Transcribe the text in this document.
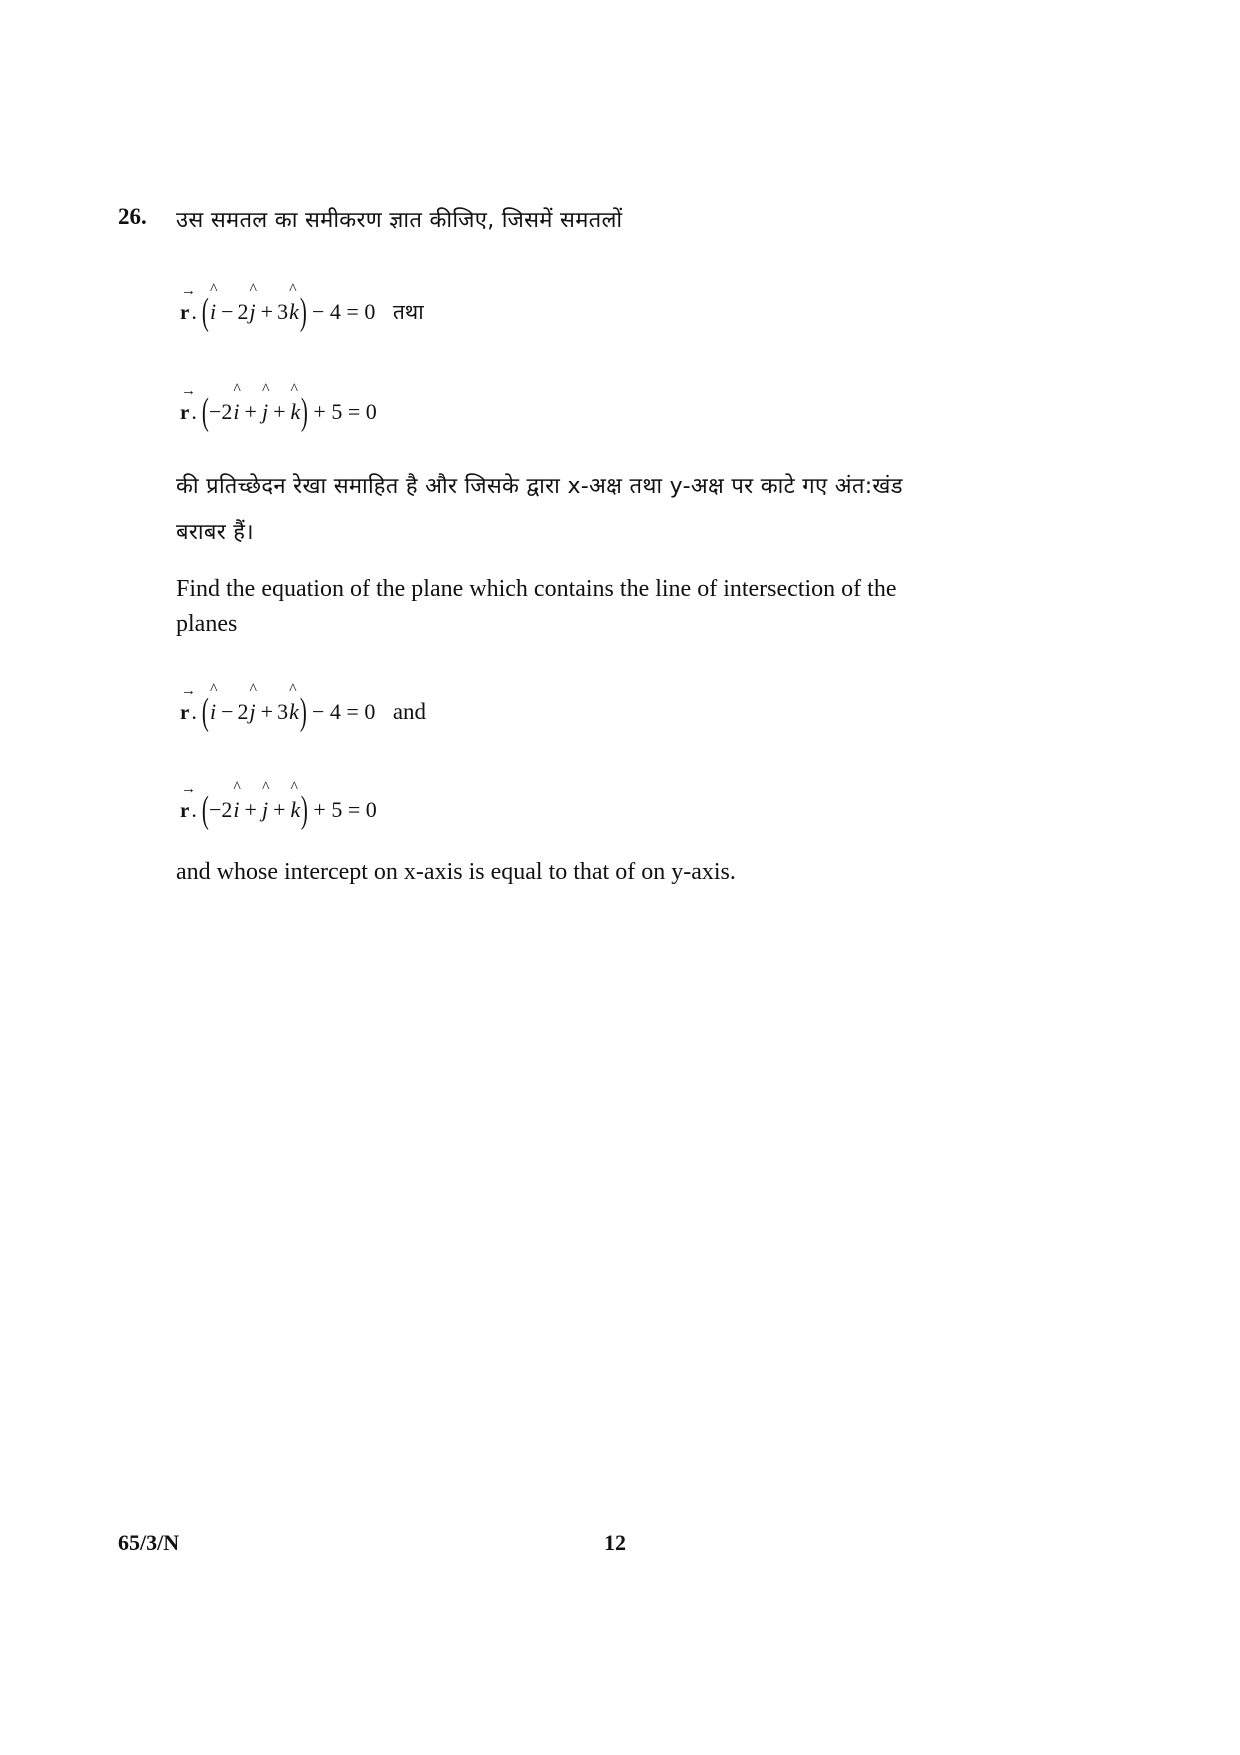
26. उस समतल का समीकरण ज्ञात कीजिए, जिसमें समतलों
→ r. (^ i − 2^ j + 3^ k) − 4 = 0 तथा
→ r. (−2^ i + ^ j + ^ k) + 5 = 0
की प्रतिच्छेदन रेखा समाहित है और जिसके द्वारा x-अक्ष तथा y-अक्ष पर काटे गए अंत:खंड
बराबर हैं।
Find the equation of the plane which contains the line of intersection of the
planes
→ r. (^ i − 2^ j + 3^ k) − 4 = 0 and
→ r. (−2^ i + ^ j + ^ k) + 5 = 0
and whose intercept on x-axis is equal to that of on y-axis.
65/3/N	12
